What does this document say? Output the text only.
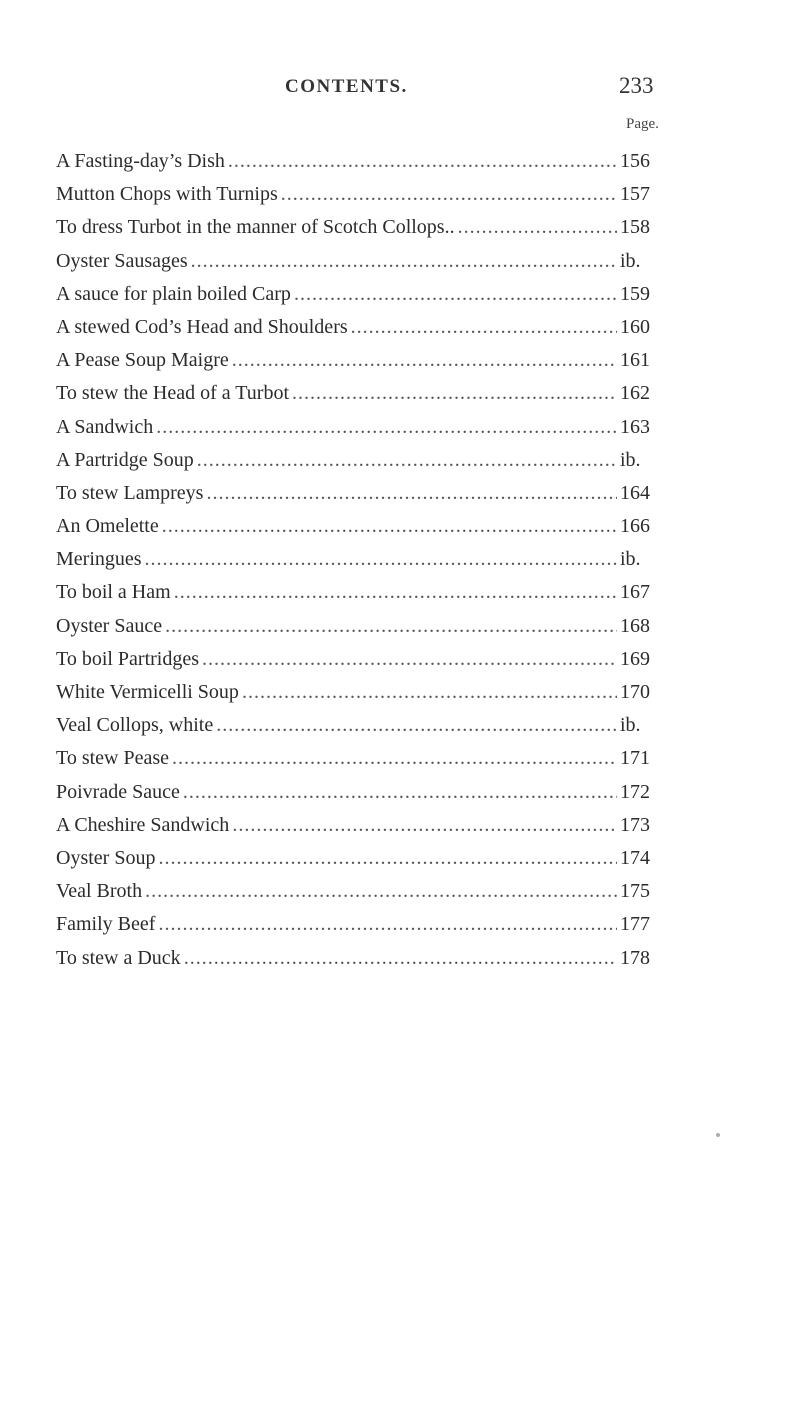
CONTENTS.	233
Page.
A Fasting-day’s Dish .....	156
Mutton Chops with Turnips .....	157
To dress Turbot in the manner of Scotch Collops.. .....	158
Oyster Sausages .....	ib.
A sauce for plain boiled Carp .....	159
A stewed Cod’s Head and Shoulders .....	160
A Pease Soup Maigre .....	161
To stew the Head of a Turbot .....	162
A Sandwich .....	163
A Partridge Soup .....	ib.
To stew Lampreys .....	164
An Omelette .....	166
Meringues .....	ib.
To boil a Ham .....	167
Oyster Sauce .....	168
To boil Partridges .....	169
White Vermicelli Soup .....	170
Veal Collops, white .....	ib.
To stew Pease .....	171
Poivrade Sauce .....	172
A Cheshire Sandwich .....	173
Oyster Soup .....	174
Veal Broth .....	175
Family Beef .....	177
To stew a Duck .....	178
